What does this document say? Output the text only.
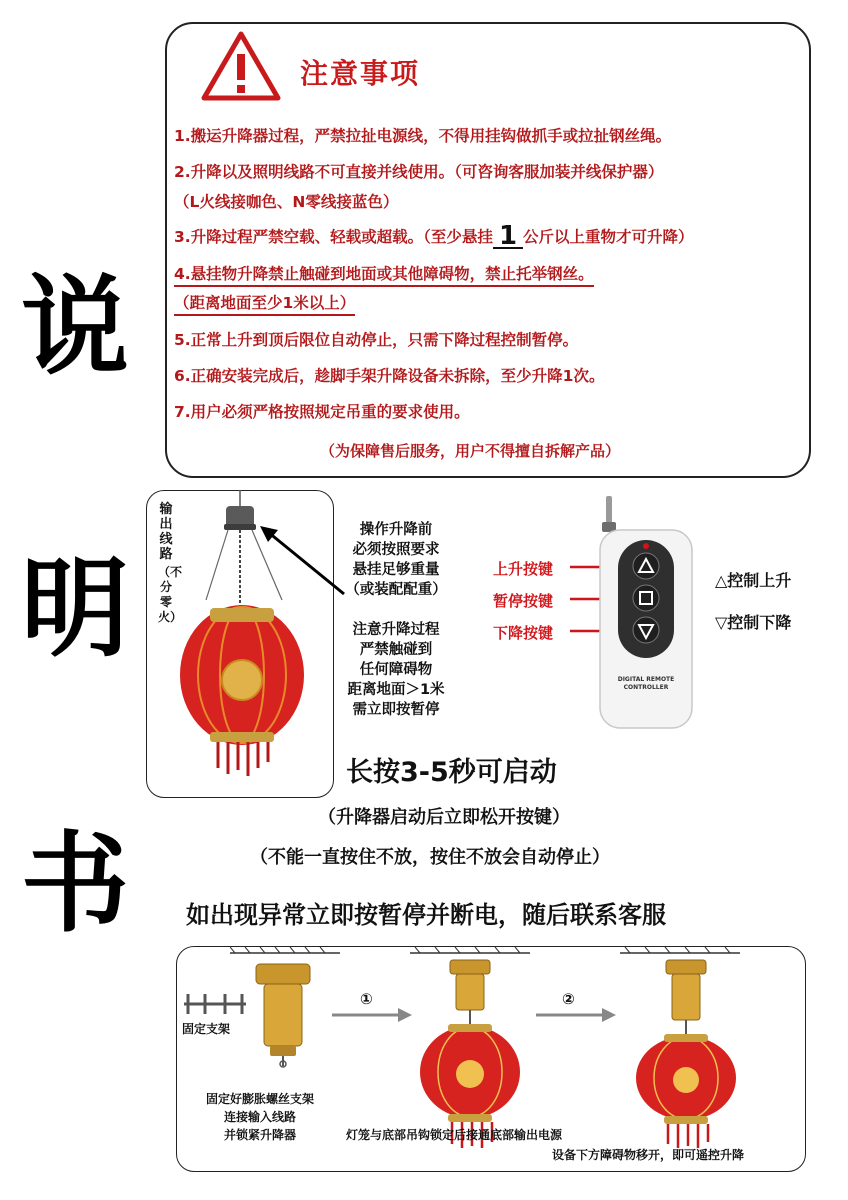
说
明
书
注意事项
1.搬运升降器过程，严禁拉扯电源线，不得用挂钩做抓手或拉扯钢丝绳。
2.升降以及照明线路不可直接并线使用。（可咨询客服加装并线保护器）
（L火线接咖色、N零线接蓝色）
3.升降过程严禁空载、轻载或超载。（至少悬挂 1 公斤以上重物才可升降）
4.悬挂物升降禁止触碰到地面或其他障碍物，禁止托举钢丝。
（距离地面至少1米以上）
5.正常上升到顶后限位自动停止，只需下降过程控制暂停。
6.正确安装完成后，趁脚手架升降设备未拆除，至少升降1次。
7.用户必须严格按照规定吊重的要求使用。
（为保障售后服务，用户不得擅自拆解产品）
输出线路
（不分零火）
操作升降前
必须按照要求
悬挂足够重量
（或装配配重）
注意升降过程
严禁触碰到
任何障碍物
距离地面＞1米
需立即按暂停
上升按键
暂停按键
下降按键
DIGITAL REMOTE
CONTROLLER
△控制上升
▽控制下降
长按3-5秒可启动
（升降器启动后立即松开按键）
（不能一直按住不放，按住不放会自动停止）
如出现异常立即按暂停并断电，随后联系客服
固定支架
固定好膨胀螺丝支架
连接输入线路
并锁紧升降器
①	②
灯笼与底部吊钩锁定后接通底部输出电源
设备下方障碍物移开，即可遥控升降
